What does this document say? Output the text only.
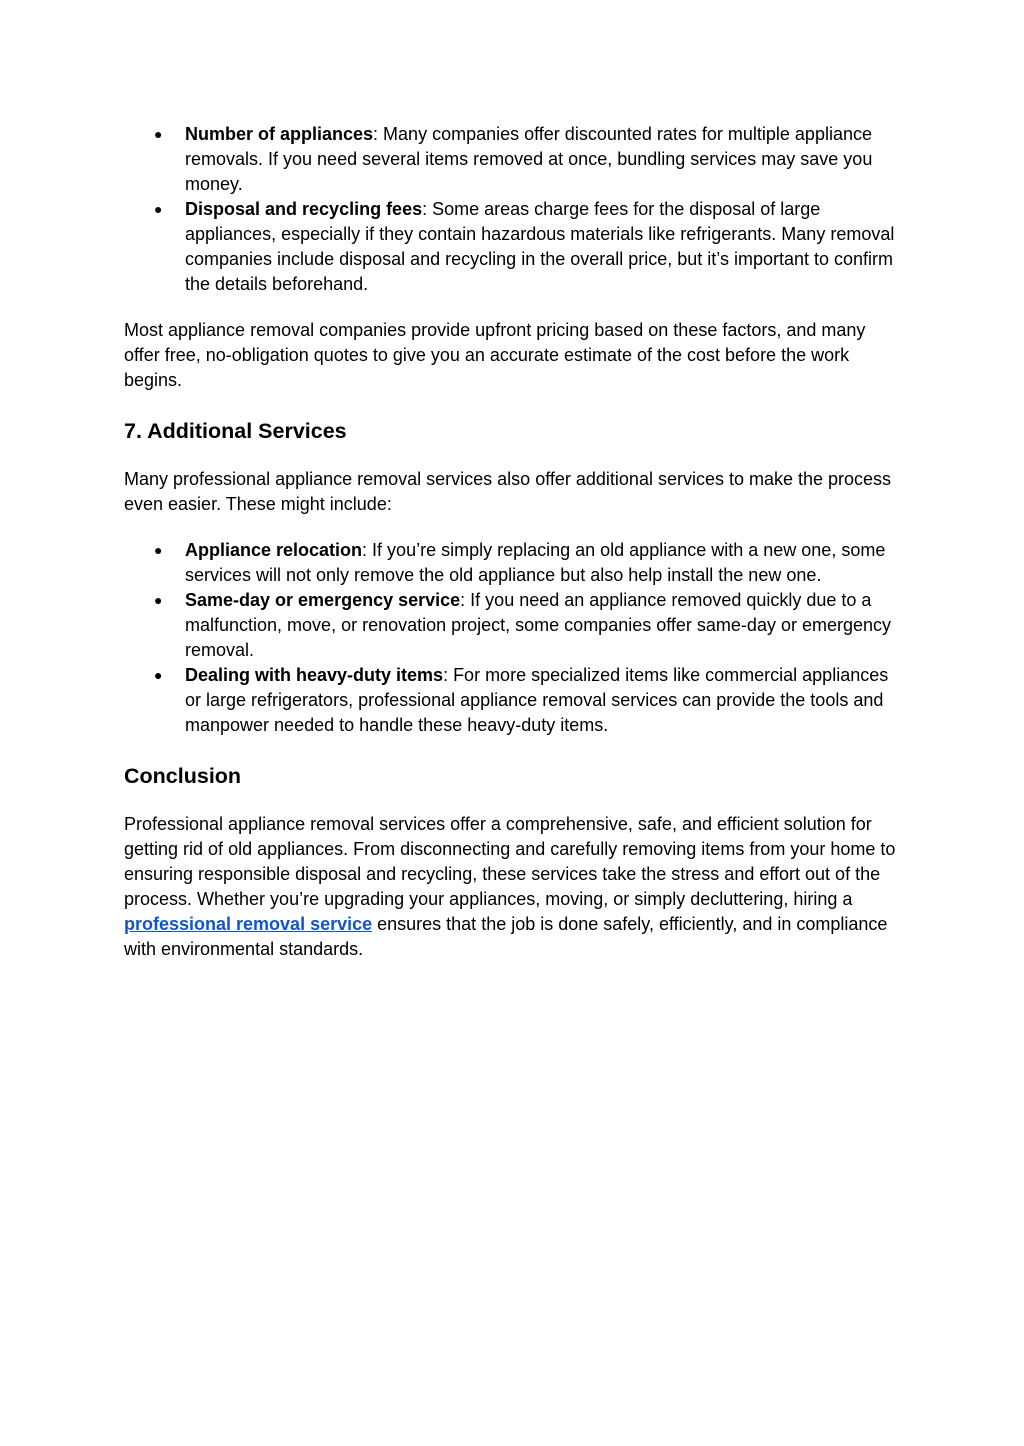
● Number of appliances: Many companies offer discounted rates for multiple appliance removals. If you need several items removed at once, bundling services may save you money.
● Disposal and recycling fees: Some areas charge fees for the disposal of large appliances, especially if they contain hazardous materials like refrigerants. Many removal companies include disposal and recycling in the overall price, but it’s important to confirm the details beforehand.

Most appliance removal companies provide upfront pricing based on these factors, and many offer free, no-obligation quotes to give you an accurate estimate of the cost before the work begins.

7. Additional Services

Many professional appliance removal services also offer additional services to make the process even easier. These might include:

● Appliance relocation: If you’re simply replacing an old appliance with a new one, some services will not only remove the old appliance but also help install the new one.
● Same-day or emergency service: If you need an appliance removed quickly due to a malfunction, move, or renovation project, some companies offer same-day or emergency removal.
● Dealing with heavy-duty items: For more specialized items like commercial appliances or large refrigerators, professional appliance removal services can provide the tools and manpower needed to handle these heavy-duty items.
Conclusion

Professional appliance removal services offer a comprehensive, safe, and efficient solution for getting rid of old appliances. From disconnecting and carefully removing items from your home to ensuring responsible disposal and recycling, these services take the stress and effort out of the process. Whether you’re upgrading your appliances, moving, or simply decluttering, hiring a professional removal service ensures that the job is done safely, efficiently, and in compliance with environmental standards.
